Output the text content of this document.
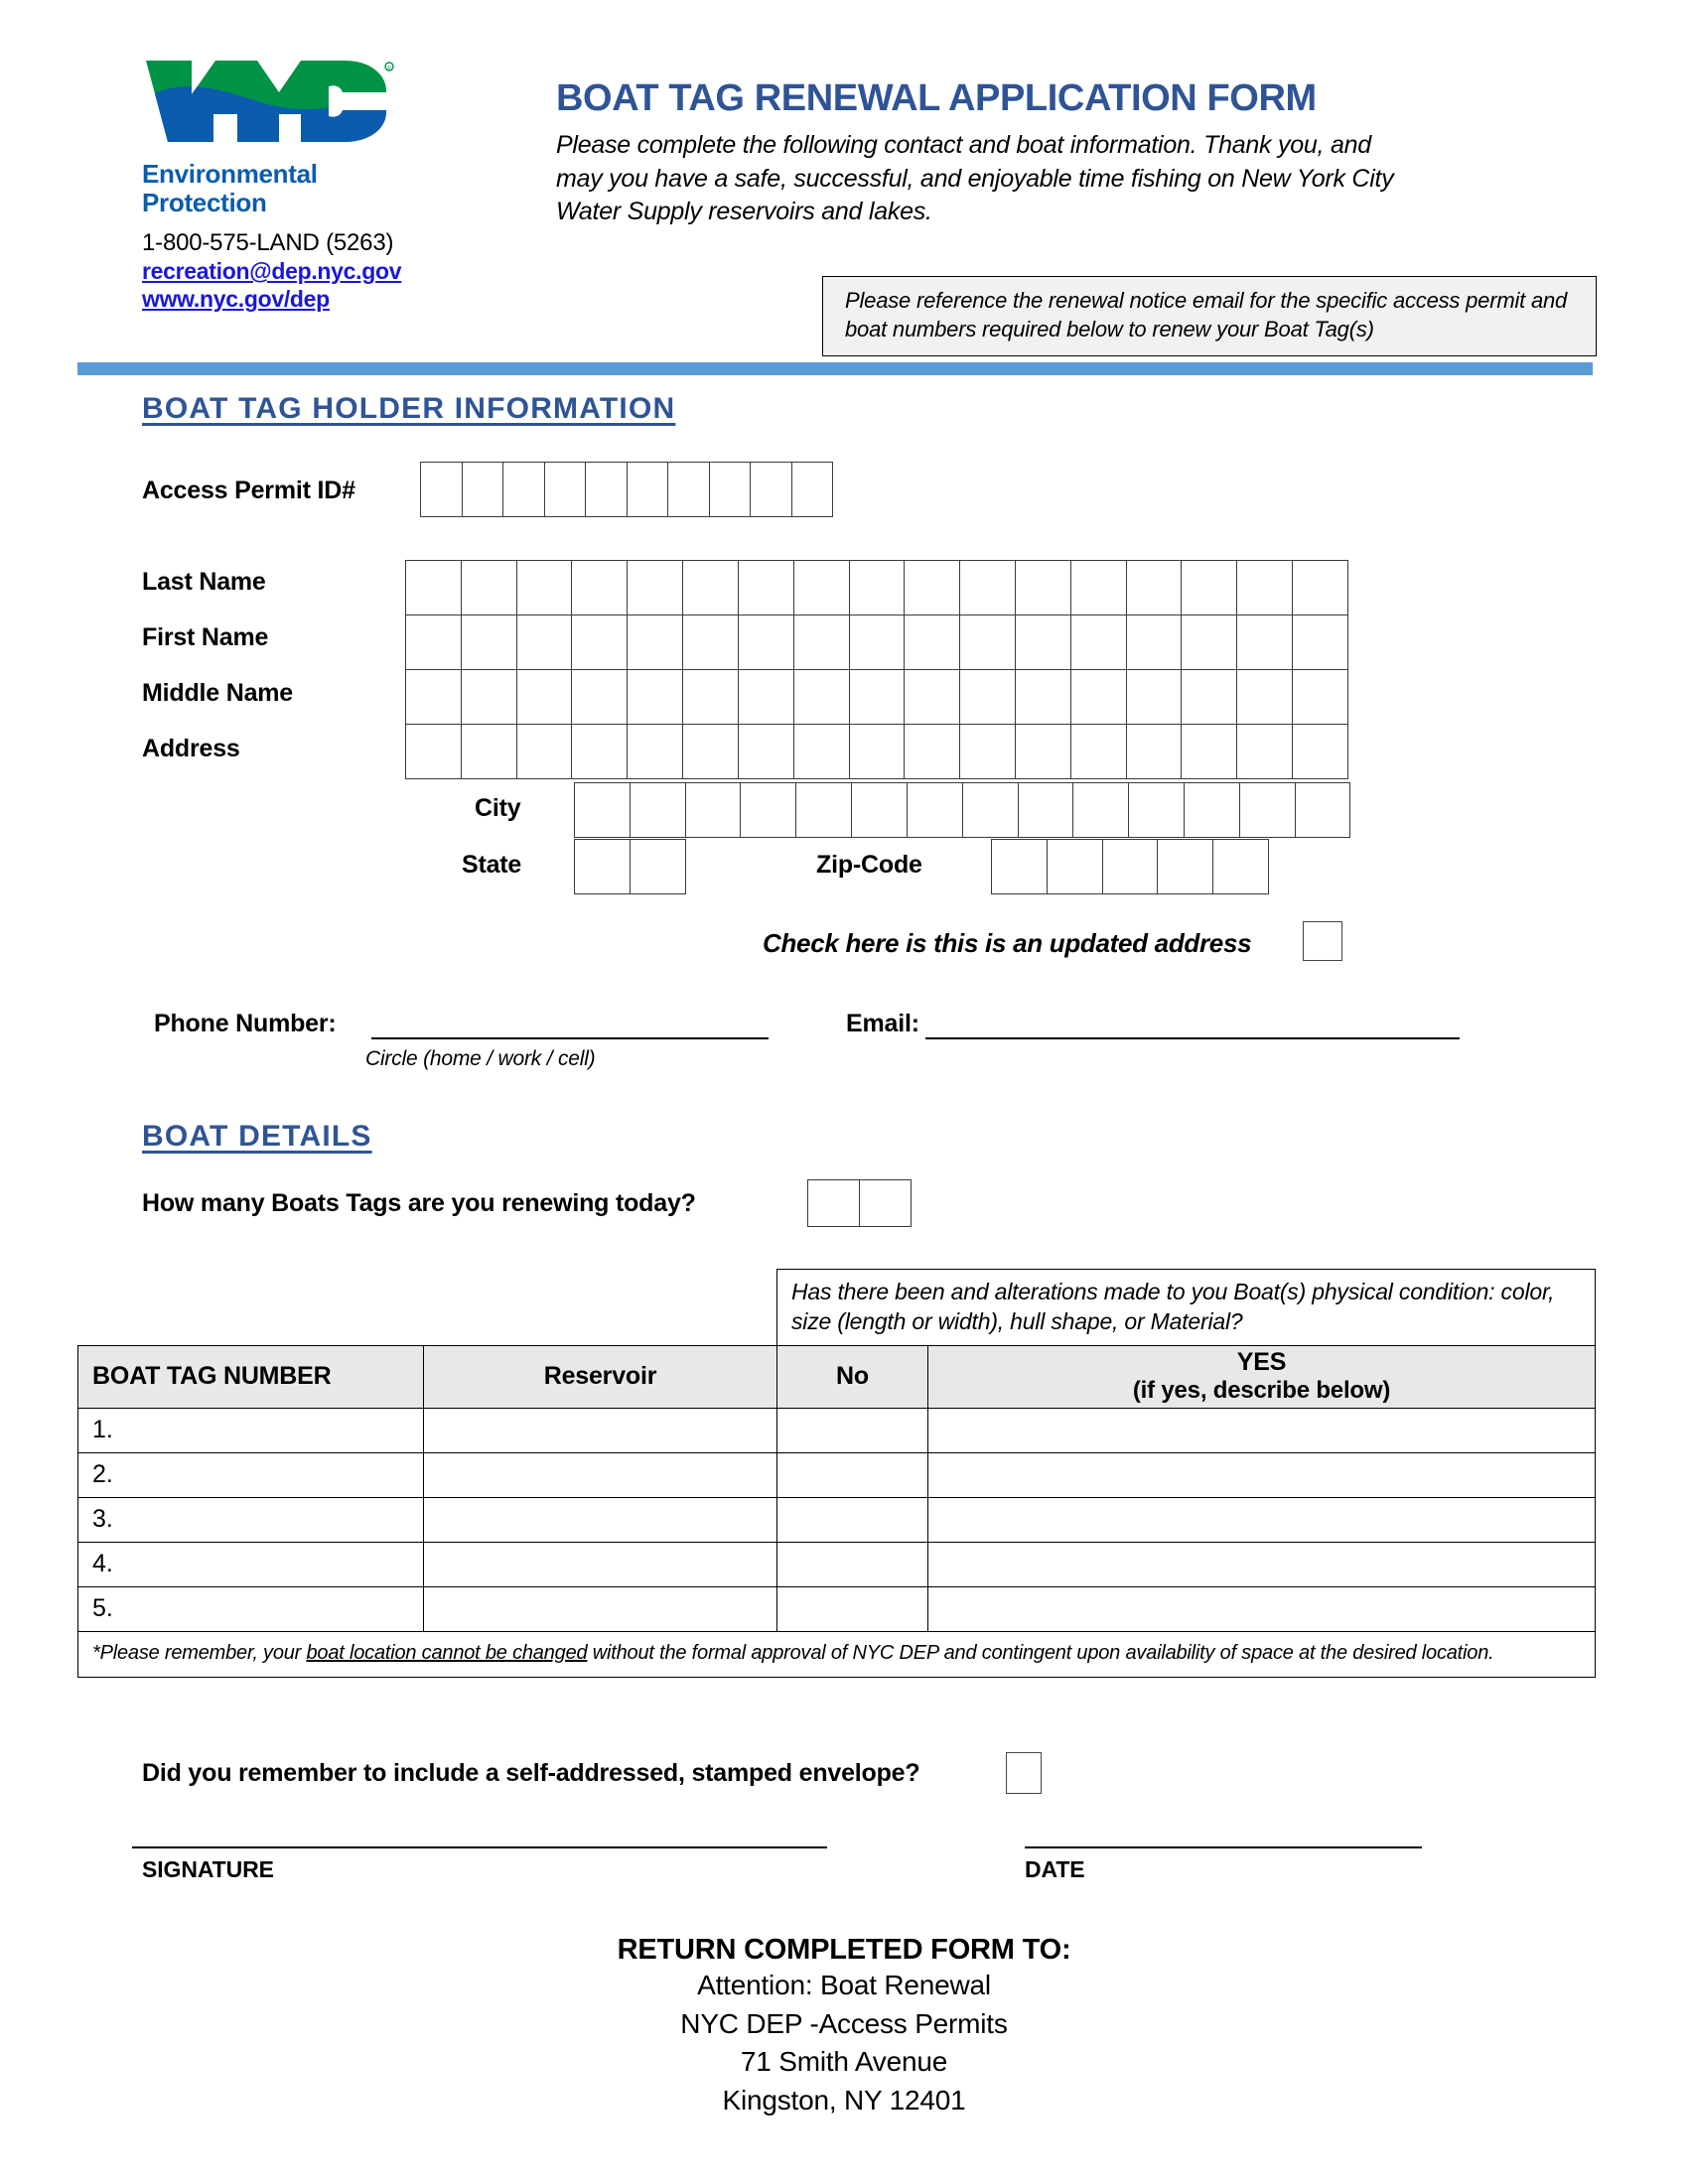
R
Environmental
Protection
1-800-575-LAND (5263)
recreation@dep.nyc.gov
www.nyc.gov/dep
BOAT TAG RENEWAL APPLICATION FORM
Please complete the following contact and boat information. Thank you, and may you have a safe, successful, and enjoyable time fishing on New York City Water Supply reservoirs and lakes.

Please reference the renewal notice email for the specific access permit and boat numbers required below to renew your Boat Tag(s)

BOAT TAG HOLDER INFORMATION
Access Permit ID#
Last Name
First Name
Middle Name
Address
City
State	Zip-Code
Check here is this is an updated address
Phone Number:
Circle (home / work / cell)
Email:
BOAT DETAILS
How many Boats Tags are you renewing today?
		Has there been and alterations made to you Boat(s) physical condition: color, size (length or width), hull shape, or Material?	
BOAT TAG NUMBER	Reservoir	No	YES
(if yes, describe below)

1.			
2.			
3.			
4.			
5.			
*Please remember, your boat location cannot be changed without the formal approval of NYC DEP and contingent upon availability of space at the desired location.			
Did you remember to include a self-addressed, stamped envelope?
SIGNATURE	DATE
RETURN COMPLETED FORM TO:
Attention: Boat Renewal
NYC DEP -Access Permits
71 Smith Avenue
Kingston, NY 12401
